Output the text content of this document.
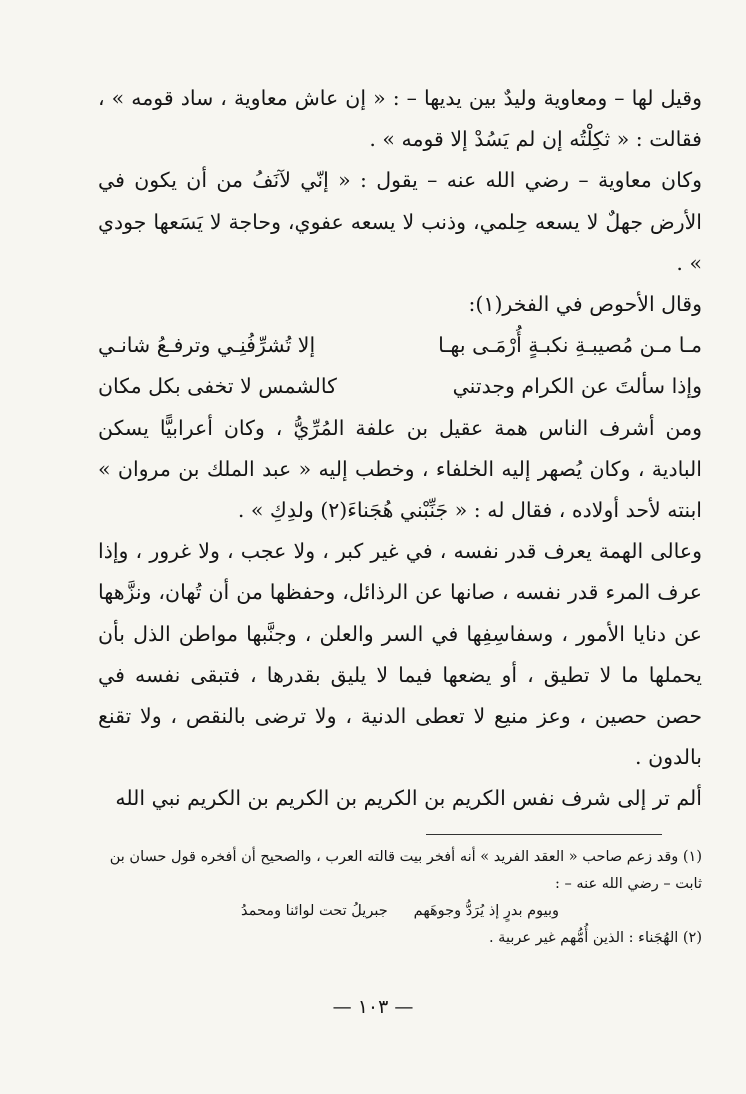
وقيل لها – ومعاوية وليدٌ بين يديها – : « إن عاش معاوية ، ساد قومه » ، فقالت : « ثكِلْتُه إن لم يَسُدْ إلا قومه » .

وكان معاوية – رضي الله عنه – يقول : « إنّي لآنَفُ من أن يكون في الأرض جهلٌ لا يسعه حِلمي، وذنب لا يسعه عفوي، وحاجة لا يَسَعها جودي » .

وقال الأحوص في الفخر(١):

مـا مـن مُصيبـةِ نكبـةٍ أُرْمَـى بهـا
إلا تُشرِّفُنِـي وترفـعُ شانـي
وإذا سألتَ عن الكرام وجدتني
كالشمس لا تخفى بكل مكان

ومن أشرف الناس همة عقيل بن علفة المُرِّيُّ ، وكان أعرابيًّا يسكن البادية ، وكان يُصهر إليه الخلفاء ، وخطب إليه « عبد الملك بن مروان » ابنته لأحد أولاده ، فقال له : « جَنِّبْني هُجَناءَ(٢) ولدِكِ » .

وعالى الهمة يعرف قدر نفسه ، في غير كبر ، ولا عجب ، ولا غرور ، وإذا عرف المرء قدر نفسه ، صانها عن الرذائل، وحفظها من أن تُهان، ونزَّهها عن دنايا الأمور ، وسفاسِفِها في السر والعلن ، وجنَّبها مواطن الذل بأن يحملها ما لا تطيق ، أو يضعها فيما لا يليق بقدرها ، فتبقى نفسه في حصن حصين ، وعز منيع لا تعطى الدنية ، ولا ترضى بالنقص ، ولا تقنع بالدون .

ألم تر إلى شرف نفس الكريم بن الكريم بن الكريم بن الكريم نبي الله

(١) وقد زعم صاحب « العقد الفريد » أنه أفخر بيت قالته العرب ، والصحيح أن أفخره قول حسان بن ثابت – رضي الله عنه – :

وبيوم بدرٍ إذ يُرَدُّ وجوهَهم
جبريلُ تحت لوائنا ومحمدُ

(٢) الهُجَناء : الذين أُمُّهم غير عربية .

— ١٠٣ —
